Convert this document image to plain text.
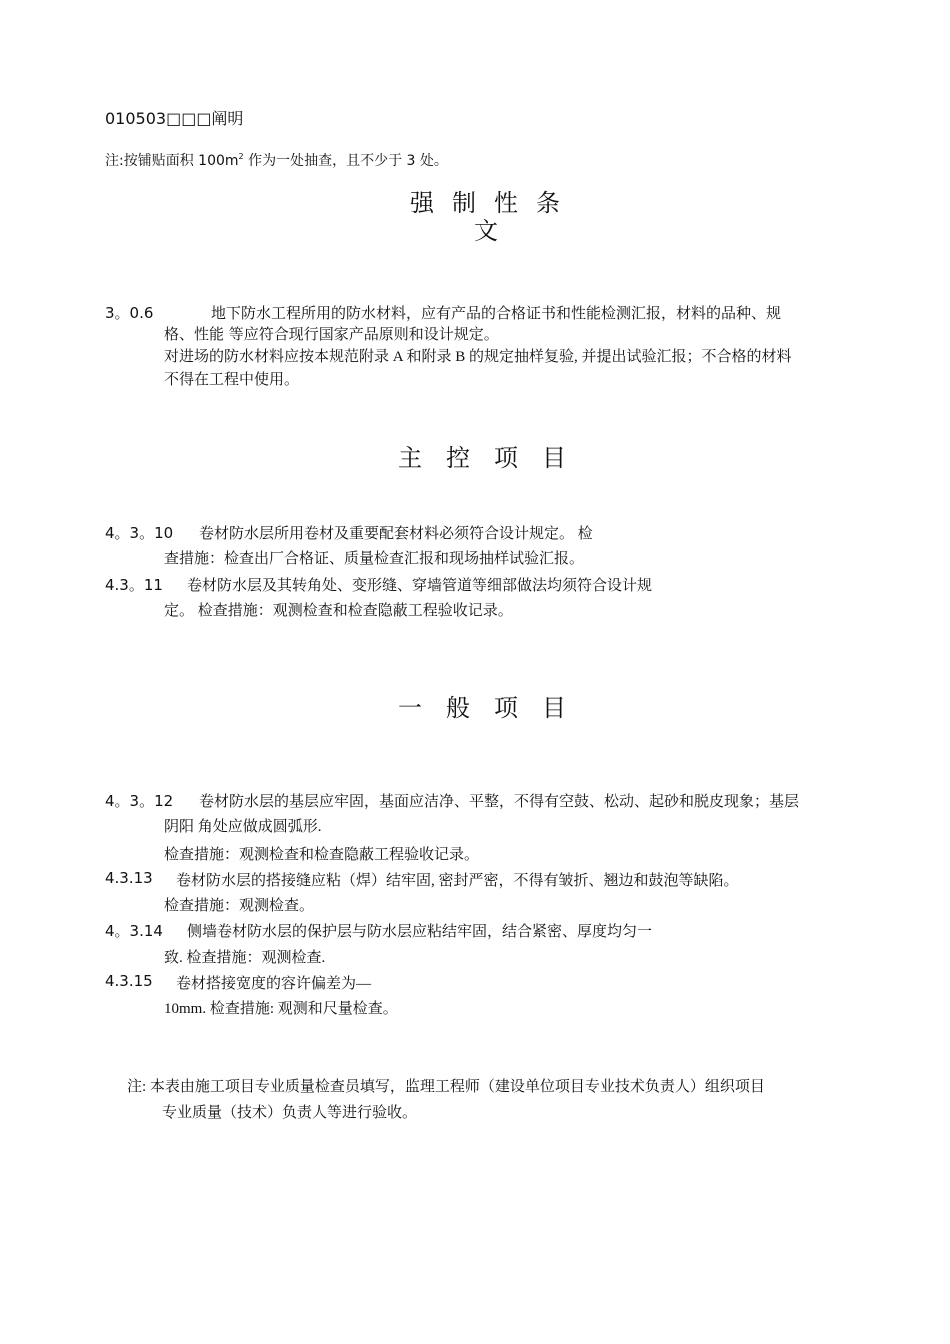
010503□□□阐明
注:按铺贴面积 $100m^2$ 作为一处抽查，且不少于 3 处。
强制性条
文
3。0.6	地下防水工程所用的防水材料，应有产品的合格证书和性能检测汇报，材料的品种、规
格、性能 等应符合现行国家产品原则和设计规定。
对进场的防水材料应按本规范附录 A 和附录 B 的规定抽样复验, 并提出试验汇报；不合格的材料
不得在工程中使用。
主控项目
4。3。10 卷材防水层所用卷材及重要配套材料必须符合设计规定。 检
查措施：检查出厂合格证、质量检查汇报和现场抽样试验汇报。
4.3。11 卷材防水层及其转角处、变形缝、穿墙管道等细部做法均须符合设计规
定。 检查措施：观测检查和检查隐蔽工程验收记录。
一般项目
4。3。12 卷材防水层的基层应牢固，基面应洁净、平整，不得有空鼓、松动、起砂和脱皮现象；基层
阴阳 角处应做成圆弧形.
检查措施：观测检查和检查隐蔽工程验收记录。
4.3.13 卷材防水层的搭接缝应粘（焊）结牢固, 密封严密，不得有皱折、翘边和鼓泡等缺陷。
检查措施：观测检查。
4。3.14 侧墙卷材防水层的保护层与防水层应粘结牢固，结合紧密、厚度均匀一
致. 检查措施：观测检查.
4.3.15 卷材搭接宽度的容许偏差为—
10mm. 检查措施: 观测和尺量检查。
注: 本表由施工项目专业质量检查员填写，监理工程师（建设单位项目专业技术负责人）组织项目
专业质量（技术）负责人等进行验收。
